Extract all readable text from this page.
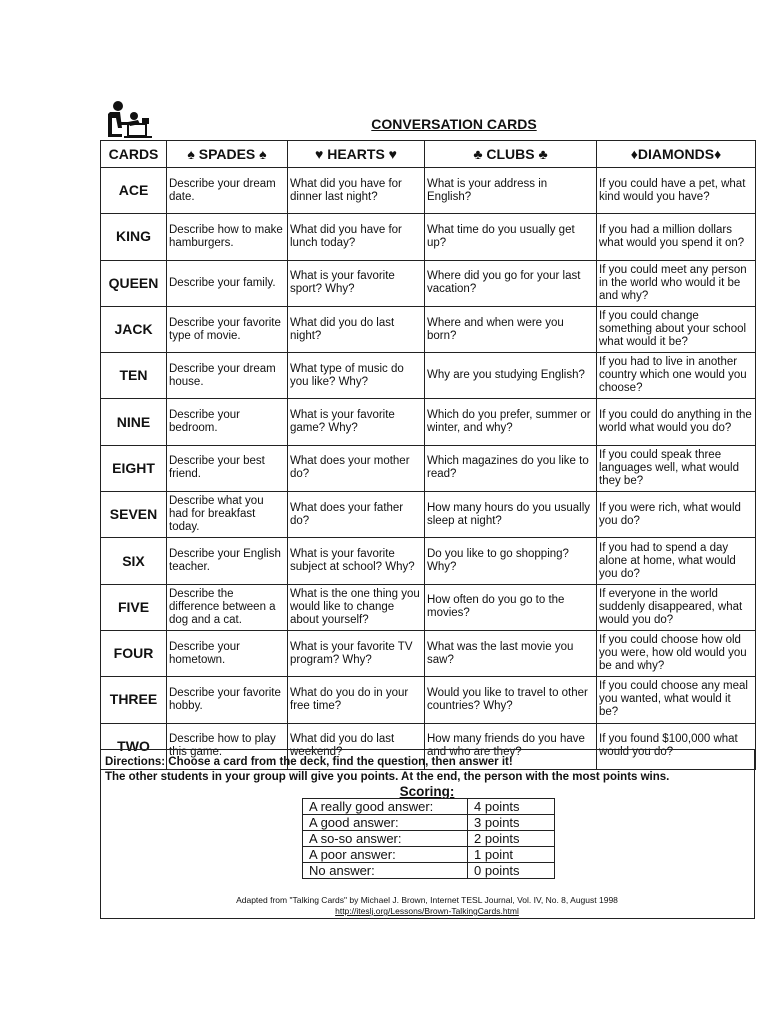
CONVERSATION CARDS
CARDS	♠ SPADES ♠	♥ HEARTS ♥	♣ CLUBS ♣	♦DIAMONDS♦
ACE	Describe your dream date.	What did you have for dinner last night?	What is your address in English?	If you could have a pet, what kind would you have?
KING	Describe how to make hamburgers.	What did you have for lunch today?	What time do you usually get up?	If you had a million dollars what would you spend it on?
QUEEN	Describe your family.	What is your favorite sport? Why?	Where did you go for your last vacation?	If you could meet any person in the world who would it be and why?
JACK	Describe your favorite type of movie.	What did you do last night?	Where and when were you born?	If you could change something about your school what would it be?
TEN	Describe your dream house.	What type of music do you like? Why?	Why are you studying English?	If you had to live in another country which one would you choose?
NINE	Describe your bedroom.	What is your favorite game? Why?	Which do you prefer, summer or winter, and why?	If you could do anything in the world what would you do?
EIGHT	Describe your best friend.	What does your mother do?	Which magazines do you like to read?	If you could speak three languages well, what would they be?
SEVEN	Describe what you had for breakfast today.	What does your father do?	How many hours do you usually sleep at night?	If you were rich, what would you do?
SIX	Describe your English teacher.	What is your favorite subject at school? Why?	Do you like to go shopping? Why?	If you had to spend a day alone at home, what would you do?
FIVE	Describe the difference between a dog and a cat.	What is the one thing you would like to change about yourself?	How often do you go to the movies?	If everyone in the world suddenly disappeared, what would you do?
FOUR	Describe your hometown.	What is your favorite TV program? Why?	What was the last movie you saw?	If you could choose how old you were, how old would you be and why?
THREE	Describe your favorite hobby.	What do you do in your free time?	Would you like to travel to other countries? Why?	If you could choose any meal you wanted, what would it be?
TWO	Describe how to play this game.	What did you do last weekend?	How many friends do you have and who are they?	If you found $100,000 what would you do?
Directions: Choose a card from the deck, find the question, then answer it!
The other students in your group will give you points. At the end, the person with the most points wins.
Scoring:
A really good answer:	4 points
A good answer:	3 points
A so-so answer:	2 points
A poor answer:	1 point
No answer:	0 points
Adapted from "Talking Cards" by Michael J. Brown, Internet TESL Journal, Vol. IV, No. 8, August 1998
http://iteslj.org/Lessons/Brown-TalkingCards.html
